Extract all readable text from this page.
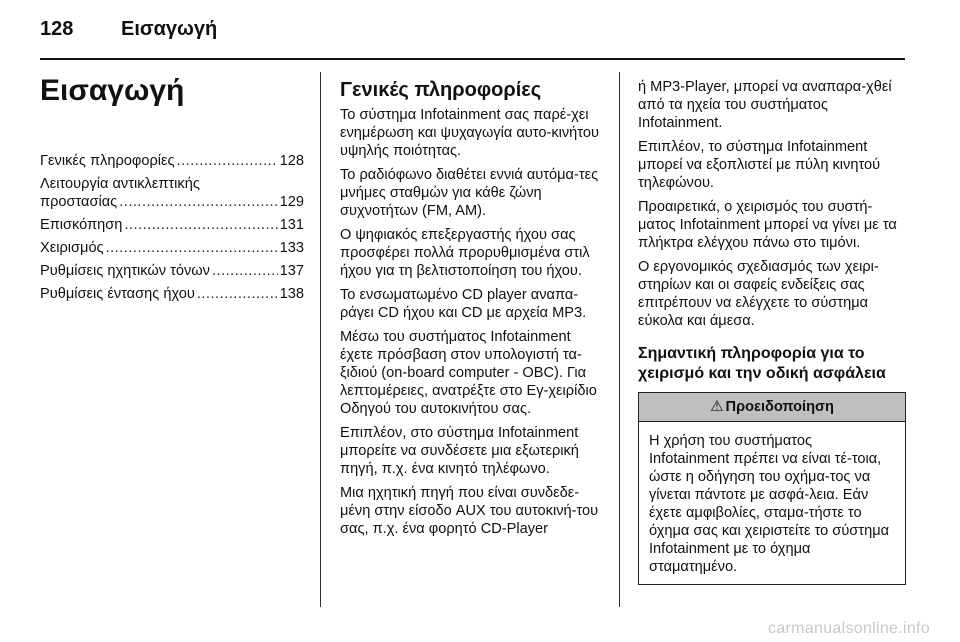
128 Εισαγωγή
Εισαγωγή
Γενικές πληροφορίες .....	128
Λειτουργία αντικλεπτικής
προστασίας .....	129
Επισκόπηση .....	131
Χειρισμός .....	133
Ρυθμίσεις ηχητικών τόνων .....	137
Ρυθμίσεις έντασης ήχου .....	138
Γενικές πληροφορίες

Το σύστημα Infotainment σας παρέ-χει ενημέρωση και ψυχαγωγία αυτο-κινήτου υψηλής ποιότητας.

Το ραδιόφωνο διαθέτει εννιά αυτόμα-τες μνήμες σταθμών για κάθε ζώνη συχνοτήτων (FM, AM).

Ο ψηφιακός επεξεργαστής ήχου σας προσφέρει πολλά προρυθμισμένα στιλ ήχου για τη βελτιστοποίηση του ήχου.

Το ενσωματωμένο CD player αναπα-ράγει CD ήχου και CD με αρχεία MP3.

Μέσω του συστήματος Infotainment έχετε πρόσβαση στον υπολογιστή τα-ξιδιού (on-board computer - OBC). Για λεπτομέρειες, ανατρέξτε στο Εγ-χειρίδιο Οδηγού του αυτοκινήτου σας.

Επιπλέον, στο σύστημα Infotainment μπορείτε να συνδέσετε μια εξωτερική πηγή, π.χ. ένα κινητό τηλέφωνο.

Μια ηχητική πηγή που είναι συνδεδε-μένη στην είσοδο AUX του αυτοκινή-του σας, π.χ. ένα φορητό CD-Player

ή MP3-Player, μπορεί να αναπαρα-χθεί από τα ηχεία του συστήματος Infotainment.

Επιπλέον, το σύστημα Infotainment μπορεί να εξοπλιστεί με πύλη κινητού τηλεφώνου.

Προαιρετικά, ο χειρισμός του συστή-ματος Infotainment μπορεί να γίνει με τα πλήκτρα ελέγχου πάνω στο τιμόνι.

Ο εργονομικός σχεδιασμός των χειρι-στηρίων και οι σαφείς ενδείξεις σας επιτρέπουν να ελέγχετε το σύστημα εύκολα και άμεσα.

Σημαντική πληροφορία για το χειρισμό και την οδική ασφάλεια
⚠ Προειδοποίηση
Η χρήση του συστήματος Infotainment πρέπει να είναι τέ-τοια, ώστε η οδήγηση του οχήμα-τος να γίνεται πάντοτε με ασφά-λεια. Εάν έχετε αμφιβολίες, σταμα-τήστε το όχημα σας και χειριστείτε το σύστημα Infotainment με το όχημα σταματημένο.
carmanualsonline.info
